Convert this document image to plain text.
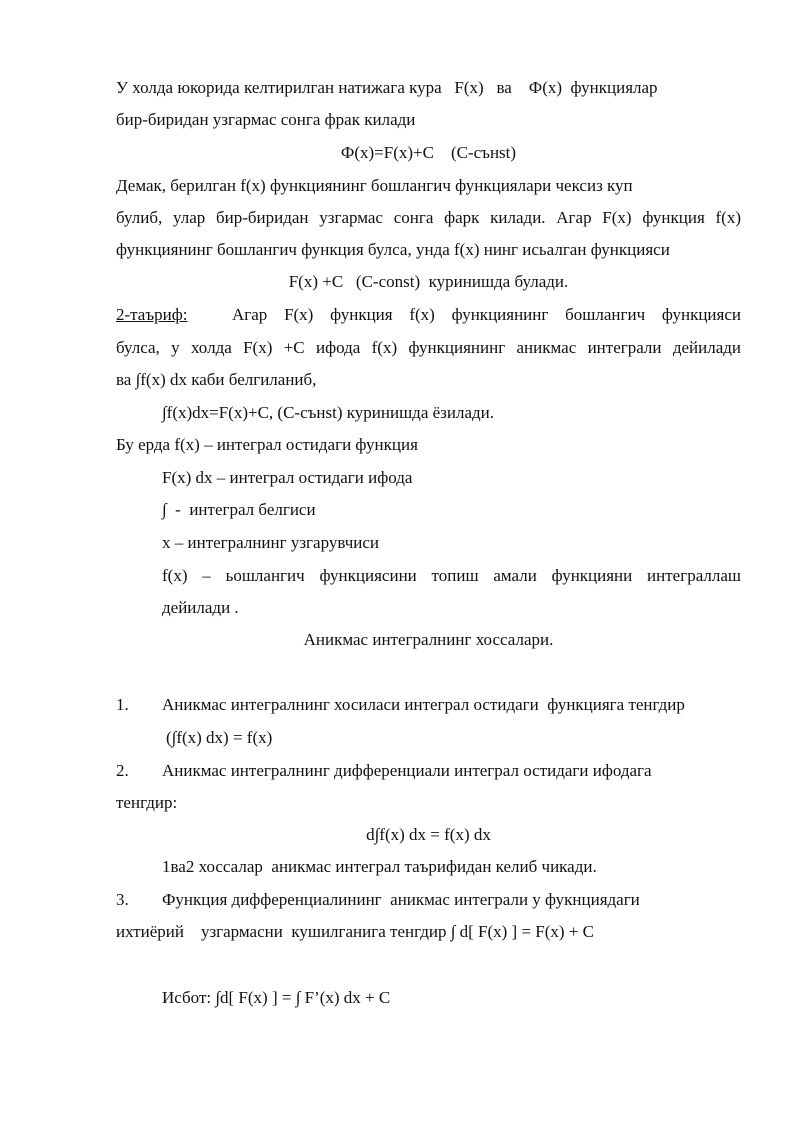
У холда юкорида келтирилган натижага кура   F(x)   ва    Ф(x)  функциялар
бир-биридан узгармас сонга фрак килади
Ф(x)=F(x)+C    (С-сънst)
Демак, берилган f(x) функциянинг бошлангич функциялари чексиз куп
булиб, улар бир-биридан узгармас сонга фарк килади. Агар F(x) функция f(x)
функциянинг бошлангич функция булса, унда f(x) нинг исьалган функцияси
F(x) +C   (C-const)  куринишда булади.
2-таъриф:	Агар F(x) функция f(x) функциянинг бошлангич функцияси
булса, у холда F(x) +C ифода f(x) функциянинг аникмас интеграли дейилади
ва ∫f(x) dx каби белгиланиб,
∫f(x)dx=F(x)+C, (C-сънst) куринишда ёзилади.
Бу ерда f(x) – интеграл остидаги функция
F(x) dx – интеграл остидаги ифода
∫  -  интеграл белгиси
x – интегралнинг узгарувчиси
f(x) – ьошлангич функциясини топиш амали функцияни интеграллаш
дейилади .
Аникмас интегралнинг хоссалари.
1. Аникмас интегралнинг хосиласи интеграл остидаги  функцияга тенгдир
(∫f(x) dx) = f(x)
2. Аникмас интегралнинг дифференциали интеграл остидаги ифодага
тенгдир:
d∫f(x) dx = f(x) dx
1ва2 хоссалар  аникмас интеграл таърифидан келиб чикади.
3. Функция дифференциалининг  аникмас интеграли у фукнциядаги
ихтиёрий    узгармасни  кушилганига тенгдир ∫ d[ F(x) ] = F(x) + C
Исбот: ∫d[ F(x) ] = ∫ F’(x) dx + C
